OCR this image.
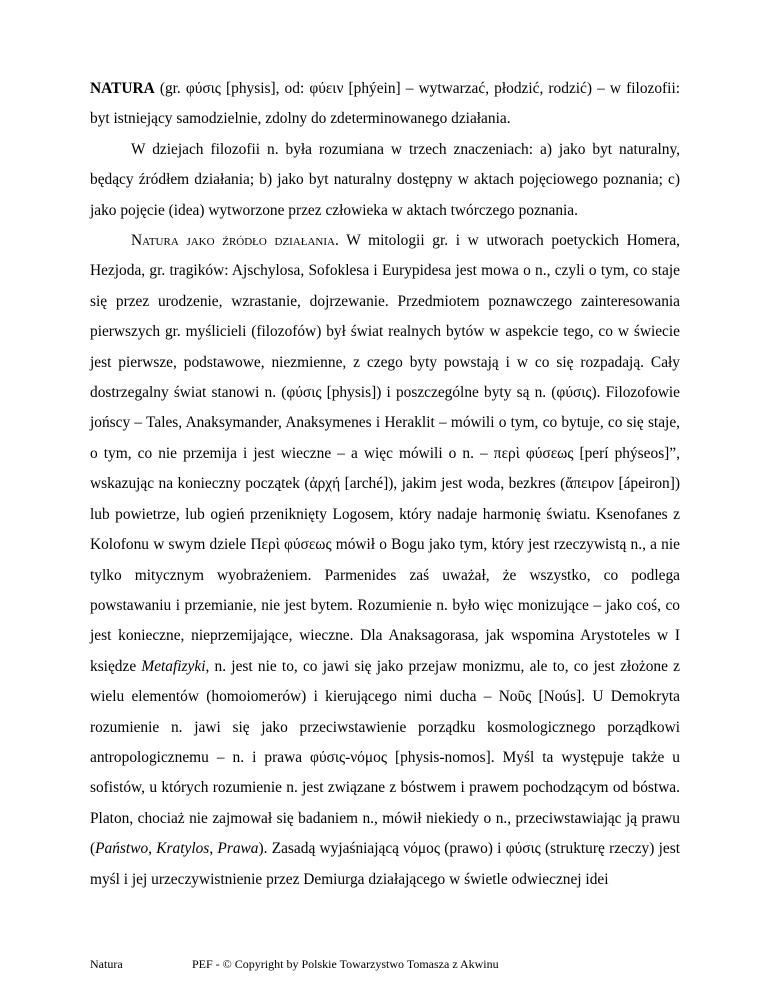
NATURA (gr. φύσις [physis], od: φύειν [phýein] – wytwarzać, płodzić, rodzić) – w filozofii: byt istniejący samodzielnie, zdolny do zdeterminowanego działania.

W dziejach filozofii n. była rozumiana w trzech znaczeniach: a) jako byt naturalny, będący źródłem działania; b) jako byt naturalny dostępny w aktach pojęciowego poznania; c) jako pojęcie (idea) wytworzone przez człowieka w aktach twórczego poznania.

Natura jako źródło działania. W mitologii gr. i w utworach poetyckich Homera, Hezjoda, gr. tragików: Ajschylosa, Sofoklesa i Eurypidesa jest mowa o n., czyli o tym, co staje się przez urodzenie, wzrastanie, dojrzewanie. Przedmiotem poznawczego zainteresowania pierwszych gr. myślicieli (filozofów) był świat realnych bytów w aspekcie tego, co w świecie jest pierwsze, podstawowe, niezmienne, z czego byty powstają i w co się rozpadają. Cały dostrzegalny świat stanowi n. (φύσις [physis]) i poszczególne byty są n. (φύσις). Filozofowie jońscy – Tales, Anaksymander, Anaksymenes i Heraklit – mówili o tym, co bytuje, co się staje, o tym, co nie przemija i jest wieczne – a więc mówili o n. – περὶ φύσεως [perí phýseos]”, wskazując na konieczny początek (ἀρχή [arché]), jakim jest woda, bezkres (ἄπειρον [ápeiron]) lub powietrze, lub ogień przeniknięty Logosem, który nadaje harmonię światu. Ksenofanes z Kolofonu w swym dziele Περὶ φύσεως mówił o Bogu jako tym, który jest rzeczywistą n., a nie tylko mitycznym wyobrażeniem. Parmenides zaś uważał, że wszystko, co podlega powstawaniu i przemianie, nie jest bytem. Rozumienie n. było więc monizujące – jako coś, co jest konieczne, nieprzemijające, wieczne. Dla Anaksagorasa, jak wspomina Arystoteles w I księdze Metafizyki, n. jest nie to, co jawi się jako przejaw monizmu, ale to, co jest złożone z wielu elementów (homoiomerów) i kierującego nimi ducha – Νοῦς [Noús]. U Demokryta rozumienie n. jawi się jako przeciwstawienie porządku kosmologicznego porządkowi antropologicznemu – n. i prawa φύσις-νόμος [physis-nomos]. Myśl ta występuje także u sofistów, u których rozumienie n. jest związane z bóstwem i prawem pochodzącym od bóstwa. Platon, chociaż nie zajmował się badaniem n., mówił niekiedy o n., przeciwstawiając ją prawu (Państwo, Kratylos, Prawa). Zasadą wyjaśniającą νόμος (prawo) i φύσις (strukturę rzeczy) jest myśl i jej urzeczywistnienie przez Demiurga działającego w świetle odwiecznej idei

Natura	PEF - © Copyright by Polskie Towarzystwo Tomasza z Akwinu
